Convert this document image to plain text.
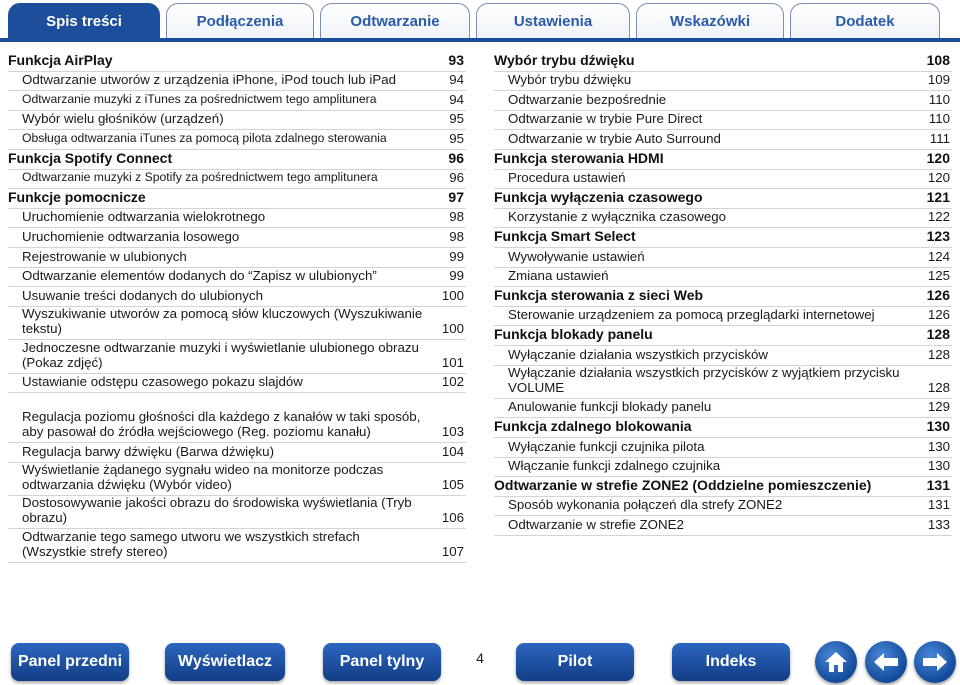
Spis treści	Podłączenia	Odtwarzanie	Ustawienia	Wskazówki	Dodatek
Funkcja AirPlay	93
Odtwarzanie utworów z urządzenia iPhone, iPod touch lub iPad	94
Odtwarzanie muzyki z iTunes za pośrednictwem tego amplitunera	94
Wybór wielu głośników (urządzeń)	95
Obsługa odtwarzania iTunes za pomocą pilota zdalnego sterowania	95
Funkcja Spotify Connect	96
Odtwarzanie muzyki z Spotify za pośrednictwem tego amplitunera	96
Funkcje pomocnicze	97
Uruchomienie odtwarzania wielokrotnego	98
Uruchomienie odtwarzania losowego	98
Rejestrowanie w ulubionych	99
Odtwarzanie elementów dodanych do “Zapisz w ulubionych”	99
Usuwanie treści dodanych do ulubionych	100
Wyszukiwanie utworów za pomocą słów kluczowych (Wyszukiwanie tekstu)	100
Jednoczesne odtwarzanie muzyki i wyświetlanie ulubionego obrazu (Pokaz zdjęć)	101
Ustawianie odstępu czasowego pokazu slajdów	102
Regulacja poziomu głośności dla każdego z kanałów w taki sposób, aby pasował do źródła wejściowego (Reg. poziomu kanału)	103
Regulacja barwy dźwięku (Barwa dźwięku)	104
Wyświetlanie żądanego sygnału wideo na monitorze podczas odtwarzania dźwięku (Wybór video)	105
Dostosowywanie jakości obrazu do środowiska wyświetlania (Tryb obrazu)	106
Odtwarzanie tego samego utworu we wszystkich strefach (Wszystkie strefy stereo)	107
Wybór trybu dźwięku	108
Wybór trybu dźwięku	109
Odtwarzanie bezpośrednie	110
Odtwarzanie w trybie Pure Direct	110
Odtwarzanie w trybie Auto Surround	111
Funkcja sterowania HDMI	120
Procedura ustawień	120
Funkcja wyłączenia czasowego	121
Korzystanie z wyłącznika czasowego	122
Funkcja Smart Select	123
Wywoływanie ustawień	124
Zmiana ustawień	125
Funkcja sterowania z sieci Web	126
Sterowanie urządzeniem za pomocą przeglądarki internetowej	126
Funkcja blokady panelu	128
Wyłączanie działania wszystkich przycisków	128
Wyłączanie działania wszystkich przycisków z wyjątkiem przycisku VOLUME	128
Anulowanie funkcji blokady panelu	129
Funkcja zdalnego blokowania	130
Wyłączanie funkcji czujnika pilota	130
Włączanie funkcji zdalnego czujnika	130
Odtwarzanie w strefie ZONE2 (Oddzielne pomieszczenie)	131
Sposób wykonania połączeń dla strefy ZONE2	131
Odtwarzanie w strefie ZONE2	133
Panel przedni	Wyświetlacz	Panel tylny	4	Pilot	Indeks
